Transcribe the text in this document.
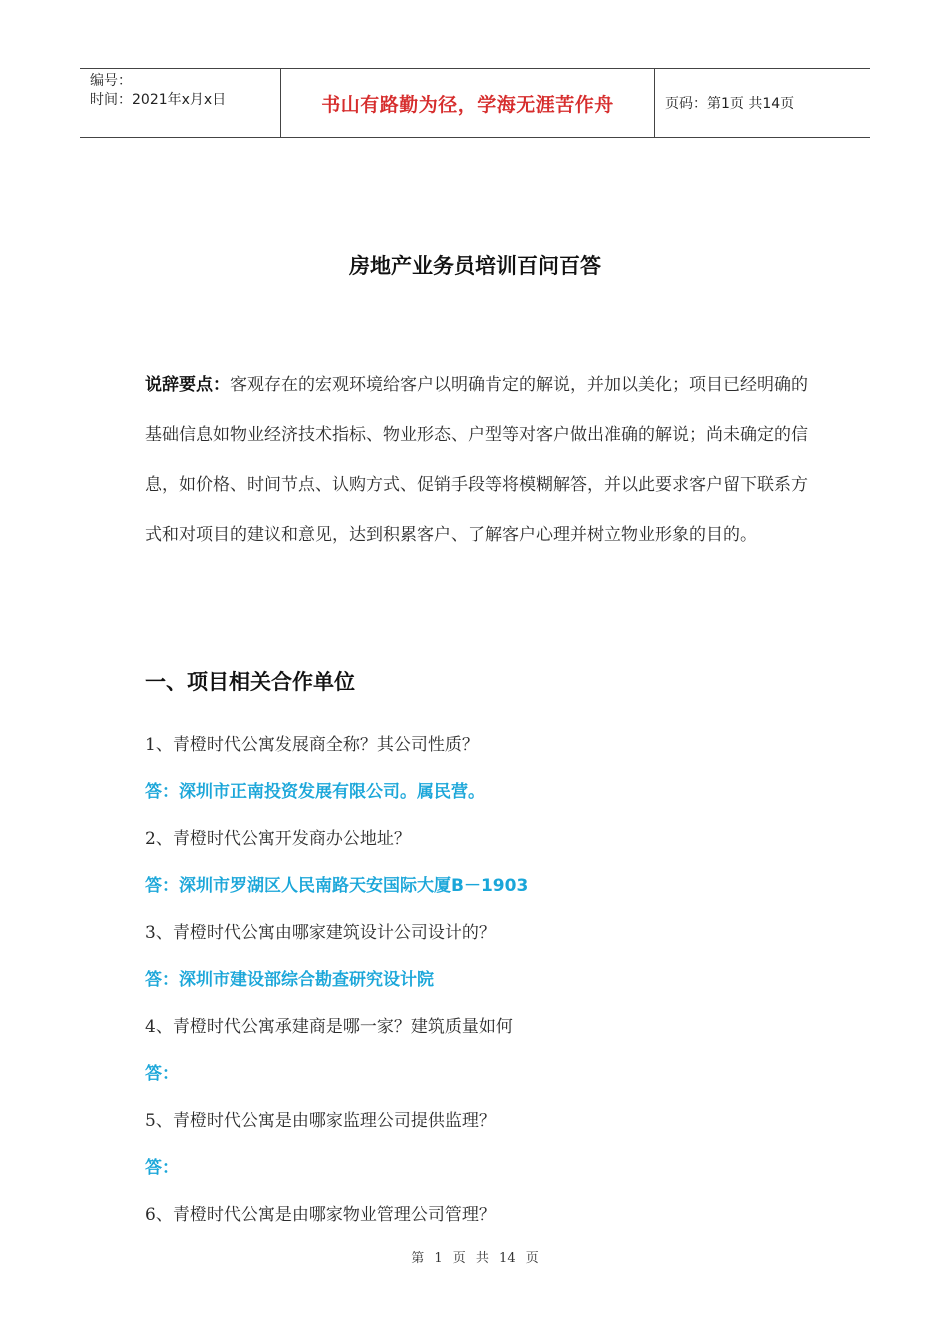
编号：
时间：2021年x月x日	书山有路勤为径，学海无涯苦作舟	页码：第1页 共14页
房地产业务员培训百问百答
说辞要点：客观存在的宏观环境给客户以明确肯定的解说，并加以美化；项目已经明确的基础信息如物业经济技术指标、物业形态、户型等对客户做出准确的解说；尚未确定的信息，如价格、时间节点、认购方式、促销手段等将模糊解答，并以此要求客户留下联系方式和对项目的建议和意见，达到积累客户、了解客户心理并树立物业形象的目的。
一、项目相关合作单位
1、青橙时代公寓发展商全称？其公司性质？
答：深圳市正南投资发展有限公司。属民营。
2、青橙时代公寓开发商办公地址？
答：深圳市罗湖区人民南路天安国际大厦B－1903
3、青橙时代公寓由哪家建筑设计公司设计的？
答：深圳市建设部综合勘查研究设计院
4、青橙时代公寓承建商是哪一家？建筑质量如何
答：
5、青橙时代公寓是由哪家监理公司提供监理？
答：
6、青橙时代公寓是由哪家物业管理公司管理？
第 1 页 共 14 页
